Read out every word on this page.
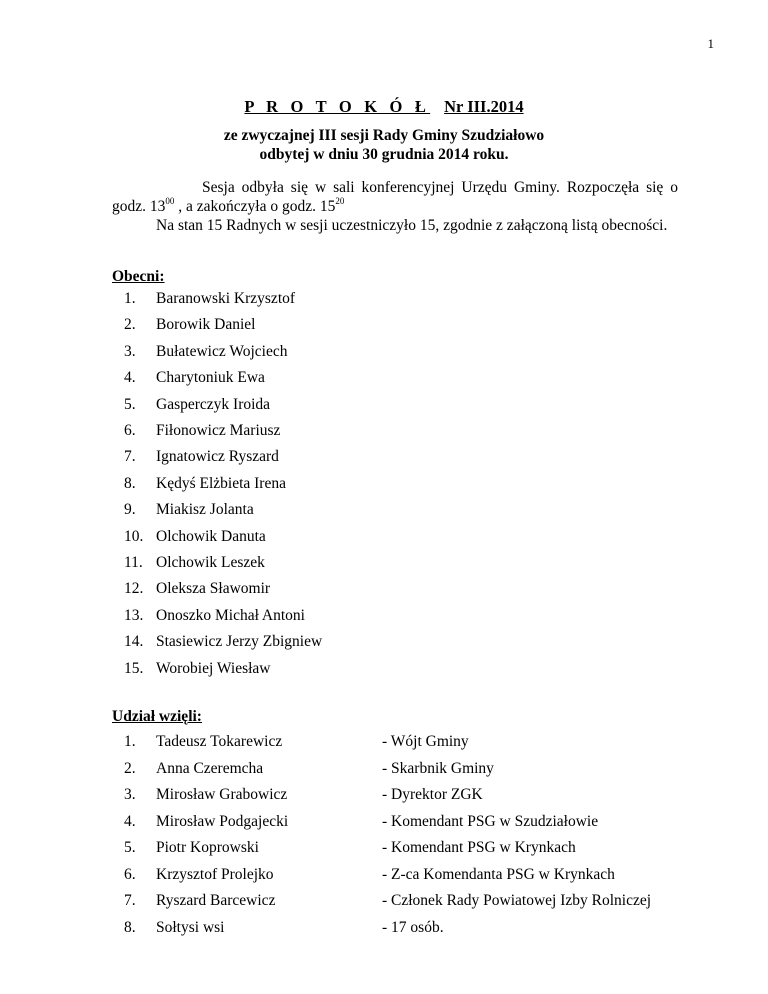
1
P R O T O K Ó Ł Nr III.2014
ze zwyczajnej III sesji Rady Gminy Szudziałowo
odbytej w dniu 30 grudnia 2014 roku.
Sesja odbyła się w sali konferencyjnej Urzędu Gminy. Rozpoczęła się o godz. $13^{00}$ , a zakończyła o godz. $15^{20}$
Na stan 15 Radnych w sesji uczestniczyło 15, zgodnie z załączoną listą obecności.
Obecni:
1.	Baranowski Krzysztof
2.	Borowik Daniel
3.	Bułatewicz Wojciech
4.	Charytoniuk Ewa
5.	Gasperczyk Iroida
6.	Fiłonowicz Mariusz
7.	Ignatowicz Ryszard
8.	Kędyś Elżbieta Irena
9.	Miakisz Jolanta
10. Olchowik Danuta
11. Olchowik Leszek
12. Oleksza Sławomir
13. Onoszko Michał Antoni
14. Stasiewicz Jerzy Zbigniew
15. Worobiej Wiesław
Udział wzięli:
1.	Tadeusz Tokarewicz	- Wójt Gminy
2.	Anna Czeremcha	- Skarbnik Gminy
3.	Mirosław Grabowicz	- Dyrektor ZGK
4.	Mirosław Podgajecki	- Komendant PSG w Szudziałowie
5.	Piotr Koprowski	- Komendant PSG w Krynkach
6.	Krzysztof Prolejko	- Z-ca Komendanta PSG w Krynkach
7.	Ryszard Barcewicz	- Członek Rady Powiatowej Izby Rolniczej
8.	Sołtysi wsi	- 17 osób.
